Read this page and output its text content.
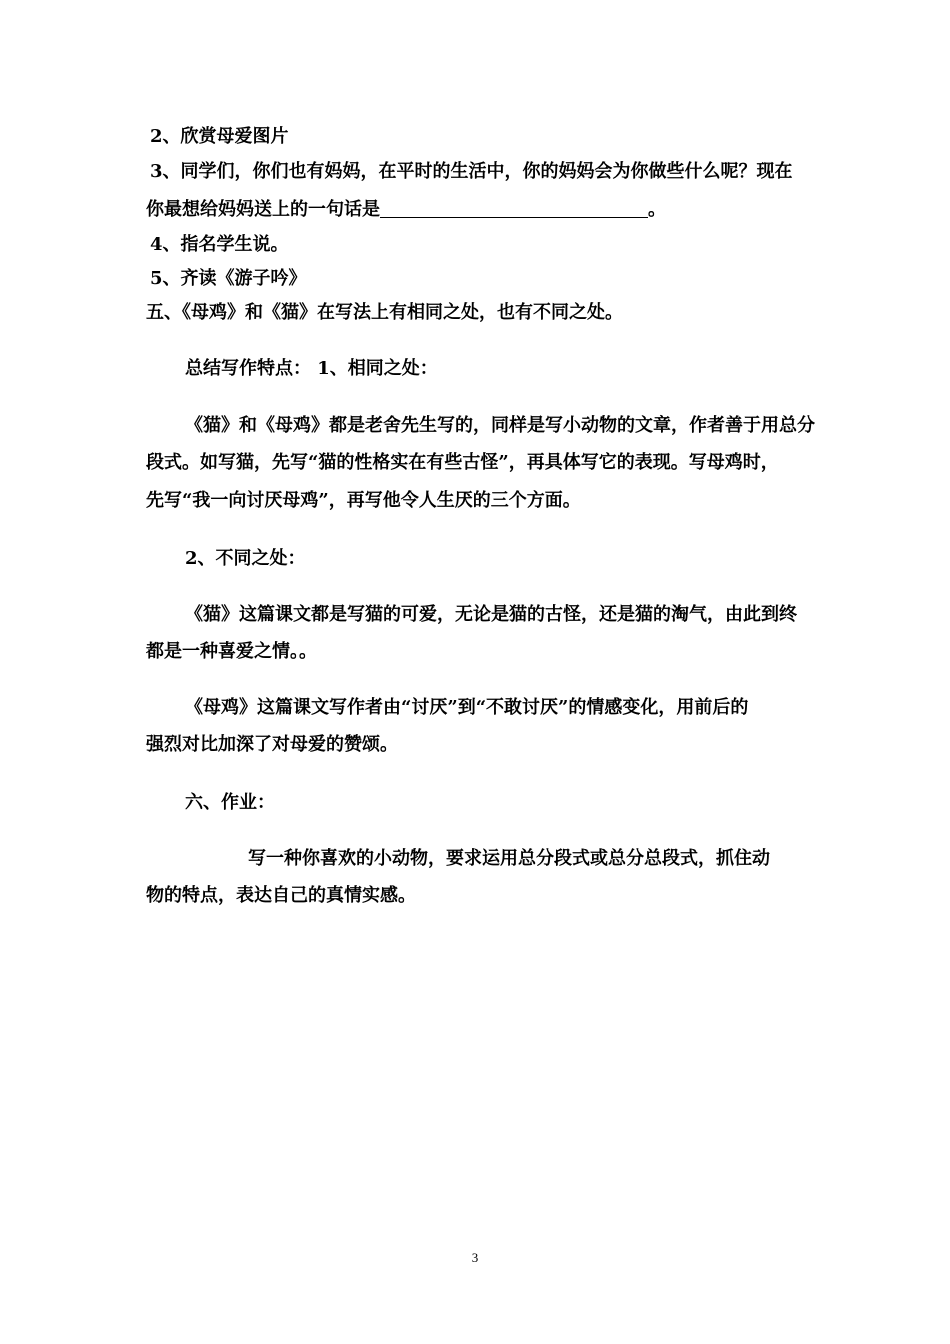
2、欣赏母爱图片
3、同学们，你们也有妈妈，在平时的生活中，你的妈妈会为你做些什么呢？现在
你最想给妈妈送上的一句话是	。
4、指名学生说。
5、齐读《游子吟》
五、《母鸡》和《猫》在写法上有相同之处，也有不同之处。
总结写作特点： 1、相同之处：
《猫》和《母鸡》都是老舍先生写的，同样是写小动物的文章，作者善于用总分
段式。如写猫，先写“猫的性格实在有些古怪”，再具体写它的表现。写母鸡时，
先写“我一向讨厌母鸡”，再写他令人生厌的三个方面。
2、不同之处：
《猫》这篇课文都是写猫的可爱，无论是猫的古怪，还是猫的淘气，由此到终
都是一种喜爱之情。。
《母鸡》这篇课文写作者由“讨厌”到“不敢讨厌”的情感变化，用前后的
强烈对比加深了对母爱的赞颂。
六、作业：
写一种你喜欢的小动物，要求运用总分段式或总分总段式，抓住动
物的特点，表达自己的真情实感。
3
